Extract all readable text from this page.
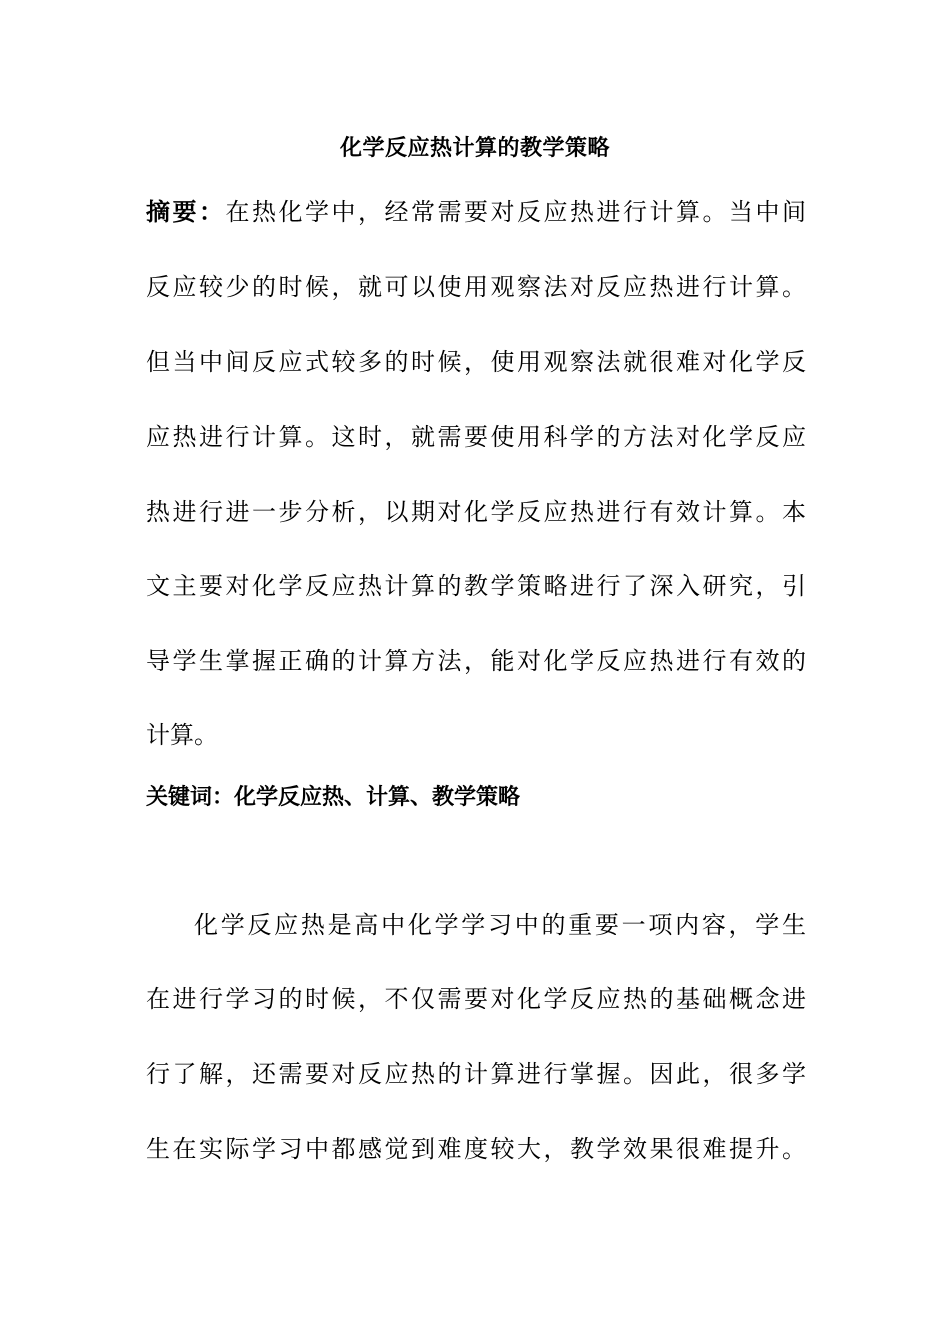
化学反应热计算的教学策略
摘要：在热化学中，经常需要对反应热进行计算。当中间
反应较少的时候，就可以使用观察法对反应热进行计算。
但当中间反应式较多的时候，使用观察法就很难对化学反
应热进行计算。这时，就需要使用科学的方法对化学反应
热进行进一步分析，以期对化学反应热进行有效计算。本
文主要对化学反应热计算的教学策略进行了深入研究，引
导学生掌握正确的计算方法，能对化学反应热进行有效的
计算。
关键词：化学反应热、计算、教学策略
化学反应热是高中化学学习中的重要一项内容，学生
在进行学习的时候，不仅需要对化学反应热的基础概念进
行了解，还需要对反应热的计算进行掌握。因此，很多学
生在实际学习中都感觉到难度较大，教学效果很难提升。
